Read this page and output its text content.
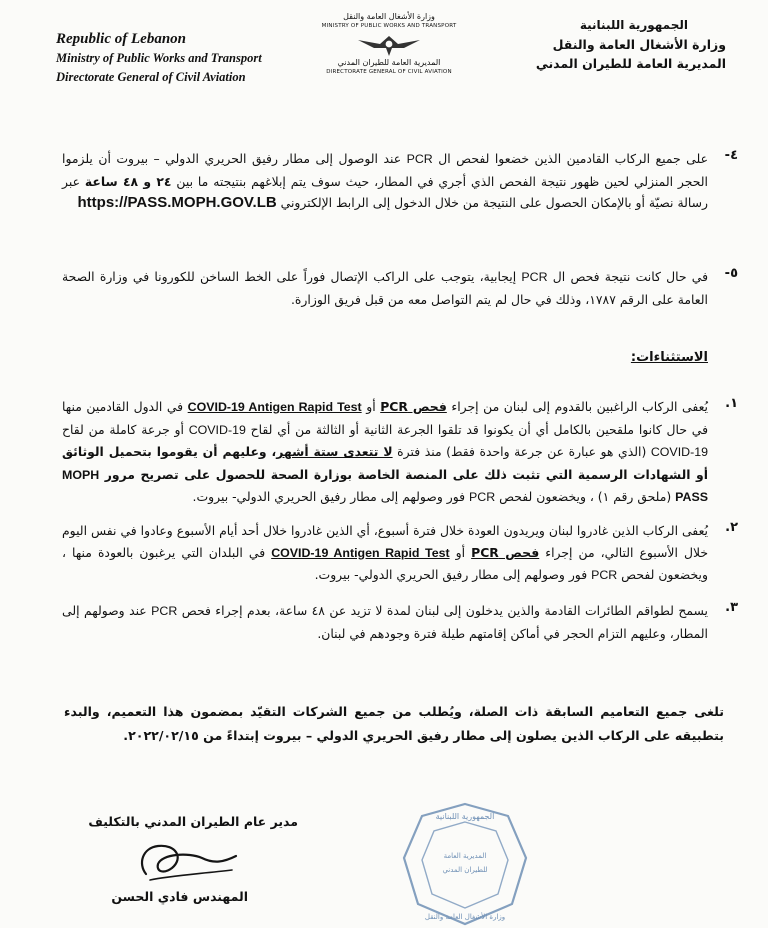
Republic of Lebanon
Ministry of Public Works and Transport
Directorate General of Civil Aviation
وزارة الأشغال العامة والنقل
MINISTRY OF PUBLIC WORKS AND TRANSPORT
المديرية العامة للطيران المدني
DIRECTORATE GENERAL OF CIVIL AVIATION
الجمهورية اللبنانية
وزارة الأشغال العامة والنقل
المديرية العامة للطيران المدني
-٤
على جميع الركاب القادمين الذين خضعوا لفحص ال PCR عند الوصول إلى مطار رفيق الحريري الدولي – بيروت أن يلزموا الحجر المنزلي لحين ظهور نتيجة الفحص الذي أجري في المطار، حيث سوف يتم إبلاغهم بنتيجته ما بين ٢٤ و ٤٨ ساعة عبر رسالة نصيّة أو بالإمكان الحصول على النتيجة من خلال الدخول إلى الرابط الإلكتروني https://PASS.MOPH.GOV.LB
-٥
في حال كانت نتيجة فحص ال PCR إيجابية، يتوجب على الراكب الإتصال فوراً على الخط الساخن للكورونا في وزارة الصحة العامة على الرقم ١٧٨٧، وذلك في حال لم يتم التواصل معه من قبل فريق الوزارة.
الاستثناءات:
.١
يُعفى الركاب الراغبين بالقدوم إلى لبنان من إجراء فحص PCR أو COVID-19 Antigen Rapid Test في الدول القادمين منها في حال كانوا ملقحين بالكامل أي أن يكونوا قد تلقوا الجرعة الثانية أو الثالثة من أي لقاح COVID-19 أو جرعة كاملة من لقاح COVID-19 (الذي هو عبارة عن جرعة واحدة فقط) منذ فترة لا تتعدى ستة أشهر، وعليهم أن يقوموا بتحميل الوثائق أو الشهادات الرسمية التي تثبت ذلك على المنصة الخاصة بوزارة الصحة للحصول على تصريح مرور MOPH PASS (ملحق رقم ١) ، ويخضعون لفحص PCR فور وصولهم إلى مطار رفيق الحريري الدولي- بيروت.
.٢
يُعفى الركاب الذين غادروا لبنان ويريدون العودة خلال فترة أسبوع، أي الذين غادروا خلال أحد أيام الأسبوع وعادوا في نفس اليوم خلال الأسبوع التالي، من إجراء فحص PCR أو COVID-19 Antigen Rapid Test في البلدان التي يرغبون بالعودة منها ، ويخضعون لفحص PCR فور وصولهم إلى مطار رفيق الحريري الدولي- بيروت.
.٣
يسمح لطواقم الطائرات القادمة والذين يدخلون إلى لبنان لمدة لا تزيد عن ٤٨ ساعة، بعدم إجراء فحص PCR عند وصولهم إلى المطار، وعليهم التزام الحجر في أماكن إقامتهم طيلة فترة وجودهم في لبنان.
تلغى جميع التعاميم السابقة ذات الصلة، ويُطلب من جميع الشركات التقيّد بمضمون هذا التعميم، والبدء بتطبيقه على الركاب الذين يصلون إلى مطار رفيق الحريري الدولي – بيروت إبتداءً من ٢٠٢٢/٠٢/١٥.
مدير عام الطيران المدني بالتكليف
المهندس فادي الحسن
الجمهورية اللبنانية
المديرية العامة
للطيران المدني
وزارة الأشغال العامة والنقل
